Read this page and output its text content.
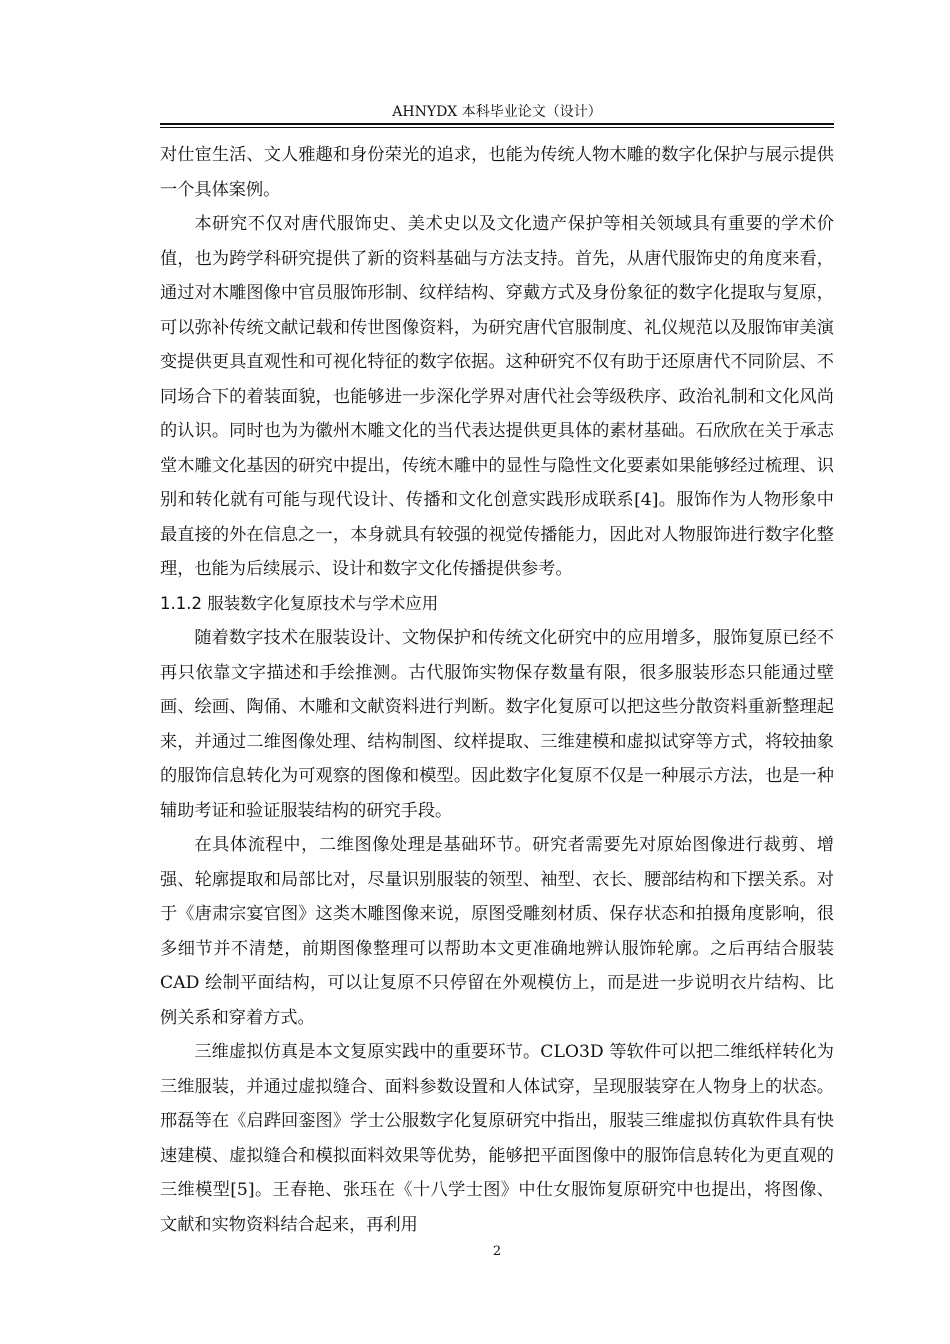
AHNYDX 本科毕业论文（设计）

对仕宦生活、文人雅趣和身份荣光的追求，也能为传统人物木雕的数字化保护与展示提供一个具体案例。

本研究不仅对唐代服饰史、美术史以及文化遗产保护等相关领域具有重要的学术价值，也为跨学科研究提供了新的资料基础与方法支持。首先，从唐代服饰史的角度来看，通过对木雕图像中官员服饰形制、纹样结构、穿戴方式及身份象征的数字化提取与复原，可以弥补传统文献记载和传世图像资料，为研究唐代官服制度、礼仪规范以及服饰审美演变提供更具直观性和可视化特征的数字依据。这种研究不仅有助于还原唐代不同阶层、不同场合下的着装面貌，也能够进一步深化学界对唐代社会等级秩序、政治礼制和文化风尚的认识。同时也为为徽州木雕文化的当代表达提供更具体的素材基础。石欣欣在关于承志堂木雕文化基因的研究中提出，传统木雕中的显性与隐性文化要素如果能够经过梳理、识别和转化就有可能与现代设计、传播和文化创意实践形成联系[4]。服饰作为人物形象中最直接的外在信息之一，本身就具有较强的视觉传播能力，因此对人物服饰进行数字化整理，也能为后续展示、设计和数字文化传播提供参考。

1.1.2 服装数字化复原技术与学术应用

随着数字技术在服装设计、文物保护和传统文化研究中的应用增多，服饰复原已经不再只依靠文字描述和手绘推测。古代服饰实物保存数量有限，很多服装形态只能通过壁画、绘画、陶俑、木雕和文献资料进行判断。数字化复原可以把这些分散资料重新整理起来，并通过二维图像处理、结构制图、纹样提取、三维建模和虚拟试穿等方式，将较抽象的服饰信息转化为可观察的图像和模型。因此数字化复原不仅是一种展示方法，也是一种辅助考证和验证服装结构的研究手段。

在具体流程中，二维图像处理是基础环节。研究者需要先对原始图像进行裁剪、增强、轮廓提取和局部比对，尽量识别服装的领型、袖型、衣长、腰部结构和下摆关系。对于《唐肃宗宴官图》这类木雕图像来说，原图受雕刻材质、保存状态和拍摄角度影响，很多细节并不清楚，前期图像整理可以帮助本文更准确地辨认服饰轮廓。之后再结合服装 CAD 绘制平面结构，可以让复原不只停留在外观模仿上，而是进一步说明衣片结构、比例关系和穿着方式。

三维虚拟仿真是本文复原实践中的重要环节。CLO3D 等软件可以把二维纸样转化为三维服装，并通过虚拟缝合、面料参数设置和人体试穿，呈现服装穿在人物身上的状态。邢磊等在《启跸回銮图》学士公服数字化复原研究中指出，服装三维虚拟仿真软件具有快速建模、虚拟缝合和模拟面料效果等优势，能够把平面图像中的服饰信息转化为更直观的三维模型[5]。王春艳、张珏在《十八学士图》中仕女服饰复原研究中也提出，将图像、文献和实物资料结合起来，再利用

2
